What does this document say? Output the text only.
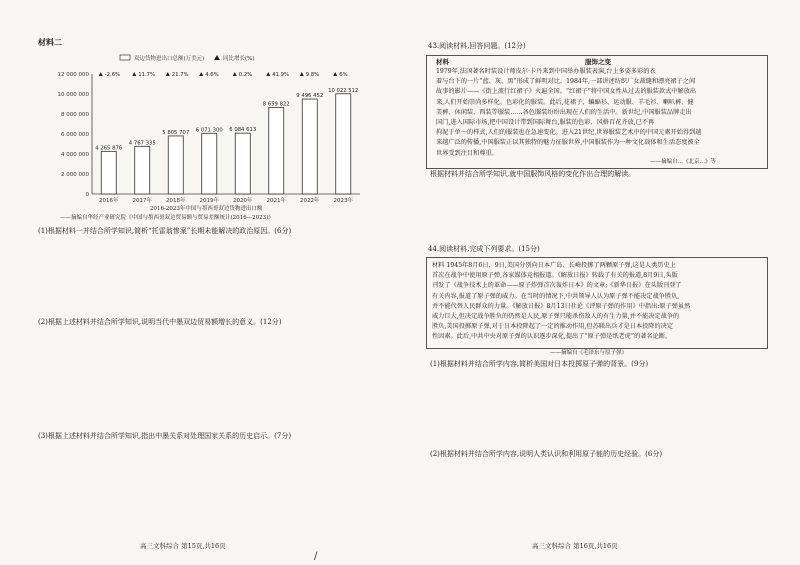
材料二
12 000 000
10 000 000
8 000 000
6 000 000
4 000 000
2 000 000
0
双边货物进出口总额(万美元)	同比增长(%)
4 265 876
2016年
-2.6%
4 767 335
2017年
11.7%
5 805 707
2018年
21.7%
6 071 300
2019年
4.6%
6 084 613
2020年
0.2%
8 659 822
2021年
41.9%
9 496 452
2022年
9.8%
10 022 512
2023年
6%
2016-2023年中国与墨西哥双边货物进出口额
——摘编自华经产业研究院《中国与墨西哥双边贸易额与贸易差额统计(2016—2023)》
(1)根据材料一并结合所学知识,简析“托雷翁惨案”长期未能解决的政治原因。(6分)
(2)根据上述材料并结合所学知识,说明当代中墨双边贸易额增长的意义。(12分)
(3)根据上述材料并结合所学知识,指出中墨关系对处理国家关系的历史启示。(7分)
高三文科综合 第15页,共16页
/
43.阅读材料,回答问题。(12分)
材料	服饰之变
1979年,法国著名时装设计师皮尔·卡丹来到中国举办服装表演,台上多姿多彩的衣
着与台下的一片“蓝、灰、黑”形成了鲜明对比。1984年,一部讲述纺织厂女裁缝和漂亮裙子之间
故事的影片——《街上流行红裙子》火遍全国。“红裙子”将中国女性从过去的服装款式中解放出
来,人们开始崇尚多样化、色彩化的服装。此后,花裙子、蝙蝠衫、运动服、羊毛衫、喇叭裤、健
美裤、休闲装、西装等服装……各色服装纷纷出现在人们的生活中。新世纪,中国服装品牌走出
国门,进入国际市场,把中国设计带到国际舞台,服装的色彩、风格百花齐放,已不再
拘泥于单一的样式,人们的服装也在急速变化。进入21世纪,世界服装艺术中的中国元素开始得到越
来越广泛的传播,中国服装正以其独特的魅力征服世界,中国服装作为一种文化载体和生活态度被全
世界受到注目和尊重。
——摘编自…《北京…》等
根据材料并结合所学知识,就中国服饰风格的变化作出合理的解读。
44.阅读材料,完成下列要求。(15分)
材料 1945年8月6日、9日,美国分别向日本广岛、长崎投掷了两颗原子弹,这是人类历史上
首次在战争中使用原子弹,各家媒体竞相报道。《解放日报》转载了有关的报道,8月9日,头版
刊发了《战争技术上的革命——原子炸弹首次轰炸日本》的文章;《新华日报》在头版刊登了
有关内容,报道了原子弹的威力。在当时的情况下,中共领导人认为原子弹不能决定战争胜负,
并不能代替人民群众的力量。《解放日报》8月13日社论《评原子弹的作用》中指出:原子弹虽然
威力巨大,但决定战争胜负的仍然是人民,原子弹只能杀伤敌人的有生力量,并不能决定战争的
胜负,美国投掷原子弹,对于日本投降起了一定的推动作用,但苏联出兵才是日本投降的决定
性因素。此后,中共中央对原子弹的认识逐步深化,提出了“原子弹是纸老虎”的著名论断。
——摘编自《毛泽东与原子弹》
(1)根据材料并结合所学内容,简析美国对日本投掷原子弹的背景。(9分)
(2)根据材料并结合所学内容,说明人类认识和利用原子能的历史经验。(6分)
高三文科综合 第16页,共16页
